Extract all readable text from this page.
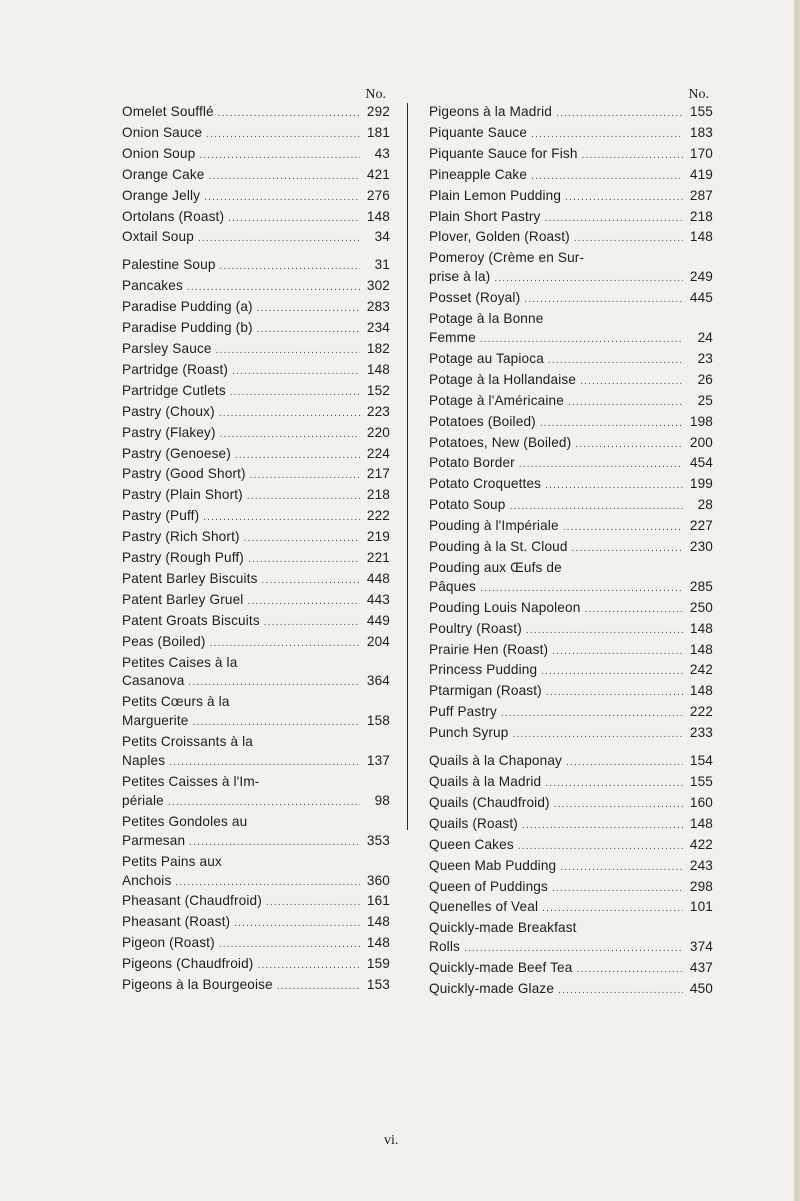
No.
Omelet Soufflé .....	292
Onion Sauce .....	181
Onion Soup .....	43
Orange Cake .....	421
Orange Jelly .....	276
Ortolans (Roast) .....	148
Oxtail Soup .....	34
Palestine Soup .....	31
Pancakes .....	302
Paradise Pudding (a) .....	283
Paradise Pudding (b) .....	234
Parsley Sauce .....	182
Partridge (Roast) .....	148
Partridge Cutlets .....	152
Pastry (Choux) .....	223
Pastry (Flakey) .....	220
Pastry (Genoese) .....	224
Pastry (Good Short) .....	217
Pastry (Plain Short) .....	218
Pastry (Puff) .....	222
Pastry (Rich Short) .....	219
Pastry (Rough Puff) .....	221
Patent Barley Biscuits .....	448
Patent Barley Gruel .....	443
Patent Groats Biscuits .....	449
Peas (Boiled) .....	204
Petites Caises à la
Casanova .....	364
Petits Cœurs à la
Marguerite .....	158
Petits Croissants à la
Naples .....	137
Petites Caisses à l'Im-
périale .....	98
Petites Gondoles au
Parmesan .....	353
Petits Pains aux
Anchois .....	360
Pheasant (Chaudfroid) .....	161
Pheasant (Roast) .....	148
Pigeon (Roast) .....	148
Pigeons (Chaudfroid) .....	159
Pigeons à la Bourgeoise .....	153
No.
Pigeons à la Madrid .....	155
Piquante Sauce .....	183
Piquante Sauce for Fish .....	170
Pineapple Cake .....	419
Plain Lemon Pudding .....	287
Plain Short Pastry .....	218
Plover, Golden (Roast) .....	148
Pomeroy (Crème en Sur-
prise à la) .....	249
Posset (Royal) .....	445
Potage à la Bonne
Femme .....	24
Potage au Tapioca .....	23
Potage à la Hollandaise .....	26
Potage à l'Américaine .....	25
Potatoes (Boiled) .....	198
Potatoes, New (Boiled) .....	200
Potato Border .....	454
Potato Croquettes .....	199
Potato Soup .....	28
Pouding à l'Impériale .....	227
Pouding à la St. Cloud .....	230
Pouding aux Œufs de
Pâques .....	285
Pouding Louis Napoleon .....	250
Poultry (Roast) .....	148
Prairie Hen (Roast) .....	148
Princess Pudding .....	242
Ptarmigan (Roast) .....	148
Puff Pastry .....	222
Punch Syrup .....	233
Quails à la Chaponay .....	154
Quails à la Madrid .....	155
Quails (Chaudfroid) .....	160
Quails (Roast) .....	148
Queen Cakes .....	422
Queen Mab Pudding .....	243
Queen of Puddings .....	298
Quenelles of Veal .....	101
Quickly-made Breakfast
Rolls .....	374
Quickly-made Beef Tea .....	437
Quickly-made Glaze .....	450
vi.
